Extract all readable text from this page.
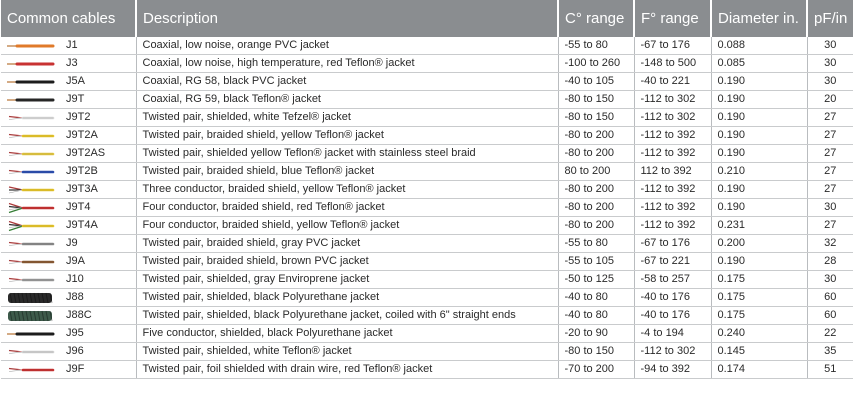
Common cables	Description	C° range	F° range	Diameter in.	pF/in

J1	Coaxial, low noise, orange PVC jacket	-55 to 80	-67 to 176	0.088	30

J3	Coaxial, low noise, high temperature, red Teflon® jacket	-100 to 260	-148 to 500	0.085	30

J5A	Coaxial, RG 58, black PVC jacket	-40 to 105	-40 to 221	0.190	30

J9T	Coaxial, RG 59, black Teflon® jacket	-80 to 150	-112 to 302	0.190	20

J9T2	Twisted pair, shielded, white Tefzel® jacket	-80 to 150	-112 to 302	0.190	27

J9T2A	Twisted pair, braided shield, yellow Teflon® jacket	-80 to 200	-112 to 392	0.190	27

J9T2AS	Twisted pair, shielded yellow Teflon® jacket with stainless steel braid	-80 to 200	-112 to 392	0.190	27

J9T2B	Twisted pair, braided shield, blue Teflon® jacket	80 to 200	112 to 392	0.210	27

J9T3A	Three conductor, braided shield, yellow Teflon® jacket	-80 to 200	-112 to 392	0.190	27

J9T4	Four conductor, braided shield, red Teflon® jacket	-80 to 200	-112 to 392	0.190	30

J9T4A	Four conductor, braided shield, yellow Teflon® jacket	-80 to 200	-112 to 392	0.231	27

J9	Twisted pair, braided shield, gray PVC jacket	-55 to 80	-67 to 176	0.200	32

J9A	Twisted pair, braided shield, brown PVC jacket	-55 to 105	-67 to 221	0.190	28

J10	Twisted pair, shielded, gray Enviroprene jacket	-50 to 125	-58 to 257	0.175	30

J88	Twisted pair, shielded, black Polyurethane jacket	-40 to 80	-40 to 176	0.175	60

J88C	Twisted pair, shielded, black Polyurethane jacket, coiled with 6" straight ends	-40 to 80	-40 to 176	0.175	60

J95	Five conductor, shielded, black Polyurethane jacket	-20 to 90	-4 to 194	0.240	22

J96	Twisted pair, shielded, white Teflon® jacket	-80 to 150	-112 to 302	0.145	35

J9F	Twisted pair, foil shielded with drain wire, red Teflon® jacket	-70 to 200	-94 to 392	0.174	51
